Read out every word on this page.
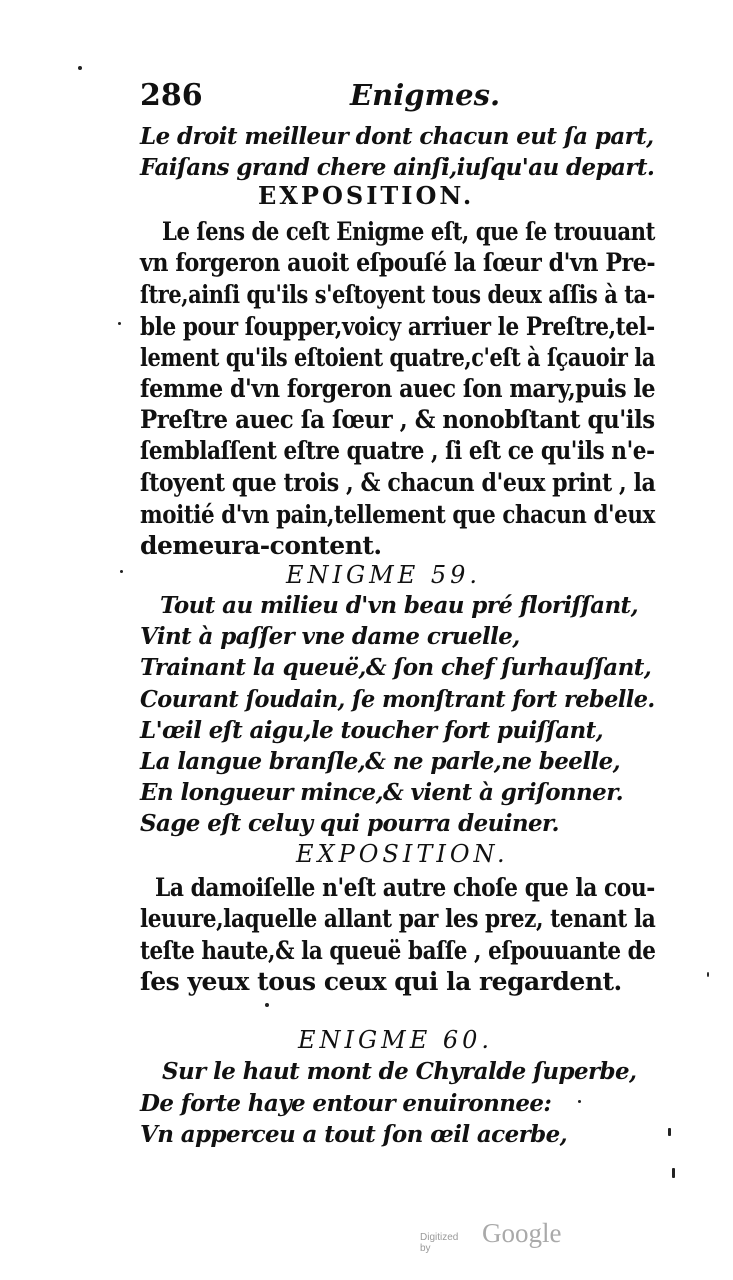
286	Enigmes.
Le droit meilleur dont chacun eut ſa part,
Faiſans grand chere ainſi,iuſqu'au depart.
EXPOSITION.
Le ſens de ceſt Enigme eſt, que ſe trouuant
vn forgeron auoit eſpouſé la ſœur d'vn Pre-
ſtre,ainſi qu'ils s'eſtoyent tous deux aſſis à ta-
ble pour ſoupper,voicy arriuer le Preſtre,tel-
lement qu'ils eſtoient quatre,c'eſt à ſçauoir la
femme d'vn forgeron auec ſon mary,puis le
Preſtre auec ſa ſœur , & nonobſtant qu'ils
ſemblaſſent eſtre quatre , ſi eſt ce qu'ils n'e-
ſtoyent que trois , & chacun d'eux print , la
moitié d'vn pain,tellement que chacun d'eux
demeura-content.
ENIGME 59.
Tout au milieu d'vn beau pré floriſſant,
Vint à paſſer vne dame cruelle,
Trainant la queuë,& ſon chef ſurhauſſant,
Courant ſoudain, ſe monſtrant fort rebelle.
L'œil eſt aigu,le toucher fort puiſſant,
La langue branſle,& ne parle,ne beelle,
En longueur mince,& vient à griſonner.
Sage eſt celuy qui pourra deuiner.
EXPOSITION.
La damoiſelle n'eſt autre choſe que la cou-
leuure,laquelle allant par les prez, tenant la
teſte haute,& la queuë baſſe , eſpouuante de
ſes yeux tous ceux qui la regardent.
ENIGME 60.
Sur le haut mont de Chyralde ſuperbe,
De forte haye entour enuironnee:
Vn apperceu a tout ſon œil acerbe,
Digitized by
Google
